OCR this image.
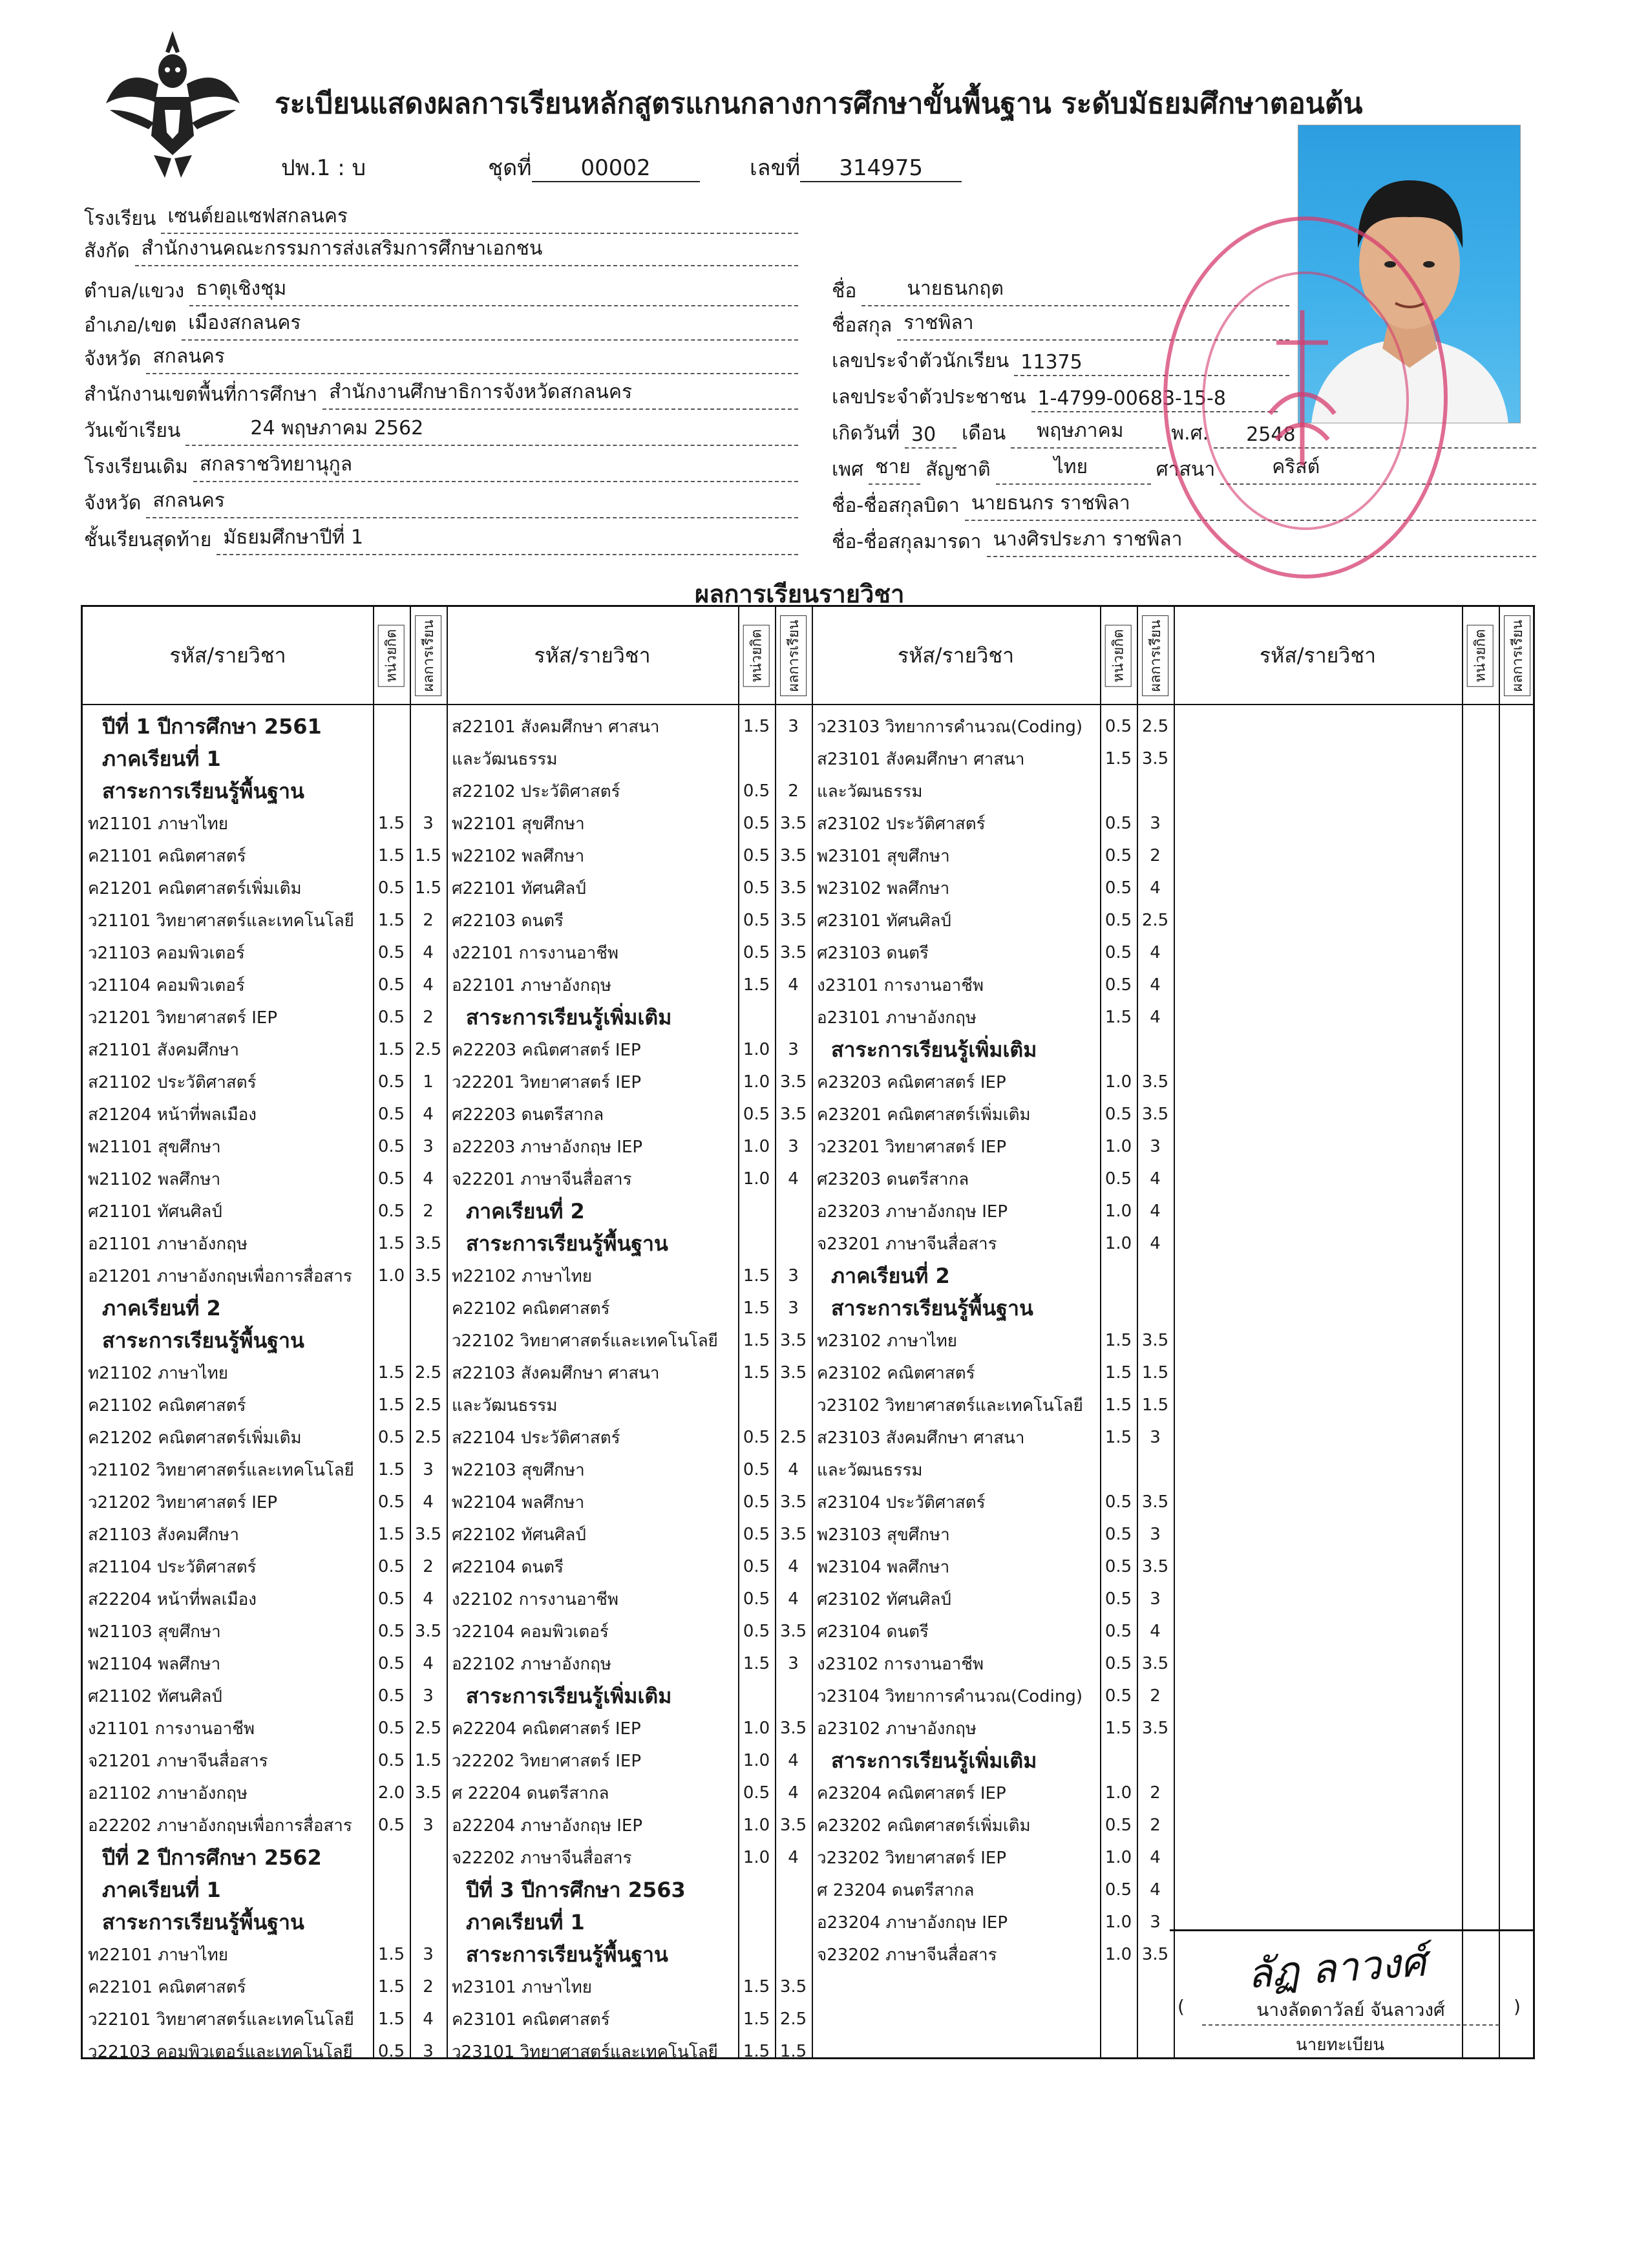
ระเบียนแสดงผลการเรียนหลักสูตรแกนกลางการศึกษาขั้นพื้นฐาน ระดับมัธยมศึกษาตอนต้น
ปพ.1 : บ	ชุดที่ 00002	เลขที่ 314975
โรงเรียน เซนต์ยอแซฟสกลนคร
สังกัด สำนักงานคณะกรรมการส่งเสริมการศึกษาเอกชน
ตำบล/แขวง ธาตุเชิงชุม
อำเภอ/เขต เมืองสกลนคร
จังหวัด สกลนคร
สำนักงานเขตพื้นที่การศึกษา สำนักงานศึกษาธิการจังหวัดสกลนคร
วันเข้าเรียน	24 พฤษภาคม 2562
โรงเรียนเดิม สกลราชวิทยานุกูล
จังหวัด สกลนคร
ชั้นเรียนสุดท้าย มัธยมศึกษาปีที่ 1
ชื่อ	นายธนกฤต
ชื่อสกุล ราชพิลา
เลขประจำตัวนักเรียน 11375
เลขประจำตัวประชาชน 1-4799-00683-15-8
เกิดวันที่ 30 เดือน พฤษภาคม พ.ศ. 2548
เพศ ชาย สัญชาติ	ไทย	ศาสนา	คริสต์
ชื่อ-ชื่อสกุลบิดา นายธนกร ราชพิลา
ชื่อ-ชื่อสกุลมารดา นางศิรประภา ราชพิลา
ผลการเรียนรายวิชา
รหัส/รายวิชา	หน่วยกิต	ผลการเรียน
ปีที่ 1 ปีการศึกษา 2561
ภาคเรียนที่ 1
สาระการเรียนรู้พื้นฐาน
ท21101 ภาษาไทย	1.5	3
ค21101 คณิตศาสตร์	1.5 1.5
ค21201 คณิตศาสตร์เพิ่มเติม	0.5 1.5
ว21101 วิทยาศาสตร์และเทคโนโลยี	1.5	2
ว21103 คอมพิวเตอร์	0.5	4
ว21104 คอมพิวเตอร์	0.5	4
ว21201 วิทยาศาสตร์ IEP	0.5	2
ส21101 สังคมศึกษา	1.5 2.5
ส21102 ประวัติศาสตร์	0.5	1
ส21204 หน้าที่พลเมือง	0.5	4
พ21101 สุขศึกษา	0.5	3
พ21102 พลศึกษา	0.5	4
ศ21101 ทัศนศิลป์	0.5	2
อ21101 ภาษาอังกฤษ	1.5 3.5
อ21201 ภาษาอังกฤษเพื่อการสื่อสาร	1.0 3.5
ภาคเรียนที่ 2
สาระการเรียนรู้พื้นฐาน
ท21102 ภาษาไทย	1.5 2.5
ค21102 คณิตศาสตร์	1.5 2.5
ค21202 คณิตศาสตร์เพิ่มเติม	0.5 2.5
ว21102 วิทยาศาสตร์และเทคโนโลยี	1.5	3
ว21202 วิทยาศาสตร์ IEP	0.5	4
ส21103 สังคมศึกษา	1.5 3.5
ส21104 ประวัติศาสตร์	0.5	2
ส22204 หน้าที่พลเมือง	0.5	4
พ21103 สุขศึกษา	0.5 3.5
พ21104 พลศึกษา	0.5	4
ศ21102 ทัศนศิลป์	0.5	3
ง21101 การงานอาชีพ	0.5 2.5
จ21201 ภาษาจีนสื่อสาร	0.5 1.5
อ21102 ภาษาอังกฤษ	2.0 3.5
อ22202 ภาษาอังกฤษเพื่อการสื่อสาร	0.5	3
ปีที่ 2 ปีการศึกษา 2562
ภาคเรียนที่ 1
สาระการเรียนรู้พื้นฐาน
ท22101 ภาษาไทย	1.5	3
ค22101 คณิตศาสตร์	1.5	2
ว22101 วิทยาศาสตร์และเทคโนโลยี	1.5	4
ว22103 คอมพิวเตอร์และเทคโนโลยี	0.5	3
รหัส/รายวิชา	หน่วยกิต	ผลการเรียน
ส22101 สังคมศึกษา ศาสนา	1.5	3
และวัฒนธรรม
ส22102 ประวัติศาสตร์	0.5	2
พ22101 สุขศึกษา	0.5 3.5
พ22102 พลศึกษา	0.5 3.5
ศ22101 ทัศนศิลป์	0.5 3.5
ศ22103 ดนตรี	0.5 3.5
ง22101 การงานอาชีพ	0.5 3.5
อ22101 ภาษาอังกฤษ	1.5	4
สาระการเรียนรู้เพิ่มเติม
ค22203 คณิตศาสตร์ IEP	1.0	3
ว22201 วิทยาศาสตร์ IEP	1.0 3.5
ศ22203 ดนตรีสากล	0.5 3.5
อ22203 ภาษาอังกฤษ IEP	1.0	3
จ22201 ภาษาจีนสื่อสาร	1.0	4
ภาคเรียนที่ 2
สาระการเรียนรู้พื้นฐาน
ท22102 ภาษาไทย	1.5	3
ค22102 คณิตศาสตร์	1.5	3
ว22102 วิทยาศาสตร์และเทคโนโลยี	1.5 3.5
ส22103 สังคมศึกษา ศาสนา	1.5 3.5
และวัฒนธรรม
ส22104 ประวัติศาสตร์	0.5 2.5
พ22103 สุขศึกษา	0.5	4
พ22104 พลศึกษา	0.5 3.5
ศ22102 ทัศนศิลป์	0.5 3.5
ศ22104 ดนตรี	0.5	4
ง22102 การงานอาชีพ	0.5	4
ว22104 คอมพิวเตอร์	0.5 3.5
อ22102 ภาษาอังกฤษ	1.5	3
สาระการเรียนรู้เพิ่มเติม
ค22204 คณิตศาสตร์ IEP	1.0 3.5
ว22202 วิทยาศาสตร์ IEP	1.0	4
ศ 22204 ดนตรีสากล	0.5	4
อ22204 ภาษาอังกฤษ IEP	1.0 3.5
จ22202 ภาษาจีนสื่อสาร	1.0	4
ปีที่ 3 ปีการศึกษา 2563
ภาคเรียนที่ 1
สาระการเรียนรู้พื้นฐาน
ท23101 ภาษาไทย	1.5 3.5
ค23101 คณิตศาสตร์	1.5 2.5
ว23101 วิทยาศาสตร์และเทคโนโลยี	1.5 1.5
รหัส/รายวิชา	หน่วยกิต	ผลการเรียน
ว23103 วิทยาการคำนวณ(Coding)	0.5 2.5
ส23101 สังคมศึกษา ศาสนา	1.5 3.5
และวัฒนธรรม
ส23102 ประวัติศาสตร์	0.5	3
พ23101 สุขศึกษา	0.5	2
พ23102 พลศึกษา	0.5	4
ศ23101 ทัศนศิลป์	0.5 2.5
ศ23103 ดนตรี	0.5	4
ง23101 การงานอาชีพ	0.5	4
อ23101 ภาษาอังกฤษ	1.5	4
สาระการเรียนรู้เพิ่มเติม
ค23203 คณิตศาสตร์ IEP	1.0 3.5
ค23201 คณิตศาสตร์เพิ่มเติม	0.5 3.5
ว23201 วิทยาศาสตร์ IEP	1.0	3
ศ23203 ดนตรีสากล	0.5	4
อ23203 ภาษาอังกฤษ IEP	1.0	4
จ23201 ภาษาจีนสื่อสาร	1.0	4
ภาคเรียนที่ 2
สาระการเรียนรู้พื้นฐาน
ท23102 ภาษาไทย	1.5 3.5
ค23102 คณิตศาสตร์	1.5 1.5
ว23102 วิทยาศาสตร์และเทคโนโลยี	1.5 1.5
ส23103 สังคมศึกษา ศาสนา	1.5	3
และวัฒนธรรม
ส23104 ประวัติศาสตร์	0.5 3.5
พ23103 สุขศึกษา	0.5	3
พ23104 พลศึกษา	0.5 3.5
ศ23102 ทัศนศิลป์	0.5	3
ศ23104 ดนตรี	0.5	4
ง23102 การงานอาชีพ	0.5 3.5
ว23104 วิทยาการคำนวณ(Coding)	0.5	2
อ23102 ภาษาอังกฤษ	1.5 3.5
สาระการเรียนรู้เพิ่มเติม
ค23204 คณิตศาสตร์ IEP	1.0	2
ค23202 คณิตศาสตร์เพิ่มเติม	0.5	2
ว23202 วิทยาศาสตร์ IEP	1.0	4
ศ 23204 ดนตรีสากล	0.5	4
อ23204 ภาษาอังกฤษ IEP	1.0	3
จ23202 ภาษาจีนสื่อสาร	1.0 3.5
รหัส/รายวิชา	หน่วยกิต	ผลการเรียน
ลัฏ ลาวงศ์
(	นางลัดดาวัลย์ จันลาวงศ์	)
นายทะเบียน
